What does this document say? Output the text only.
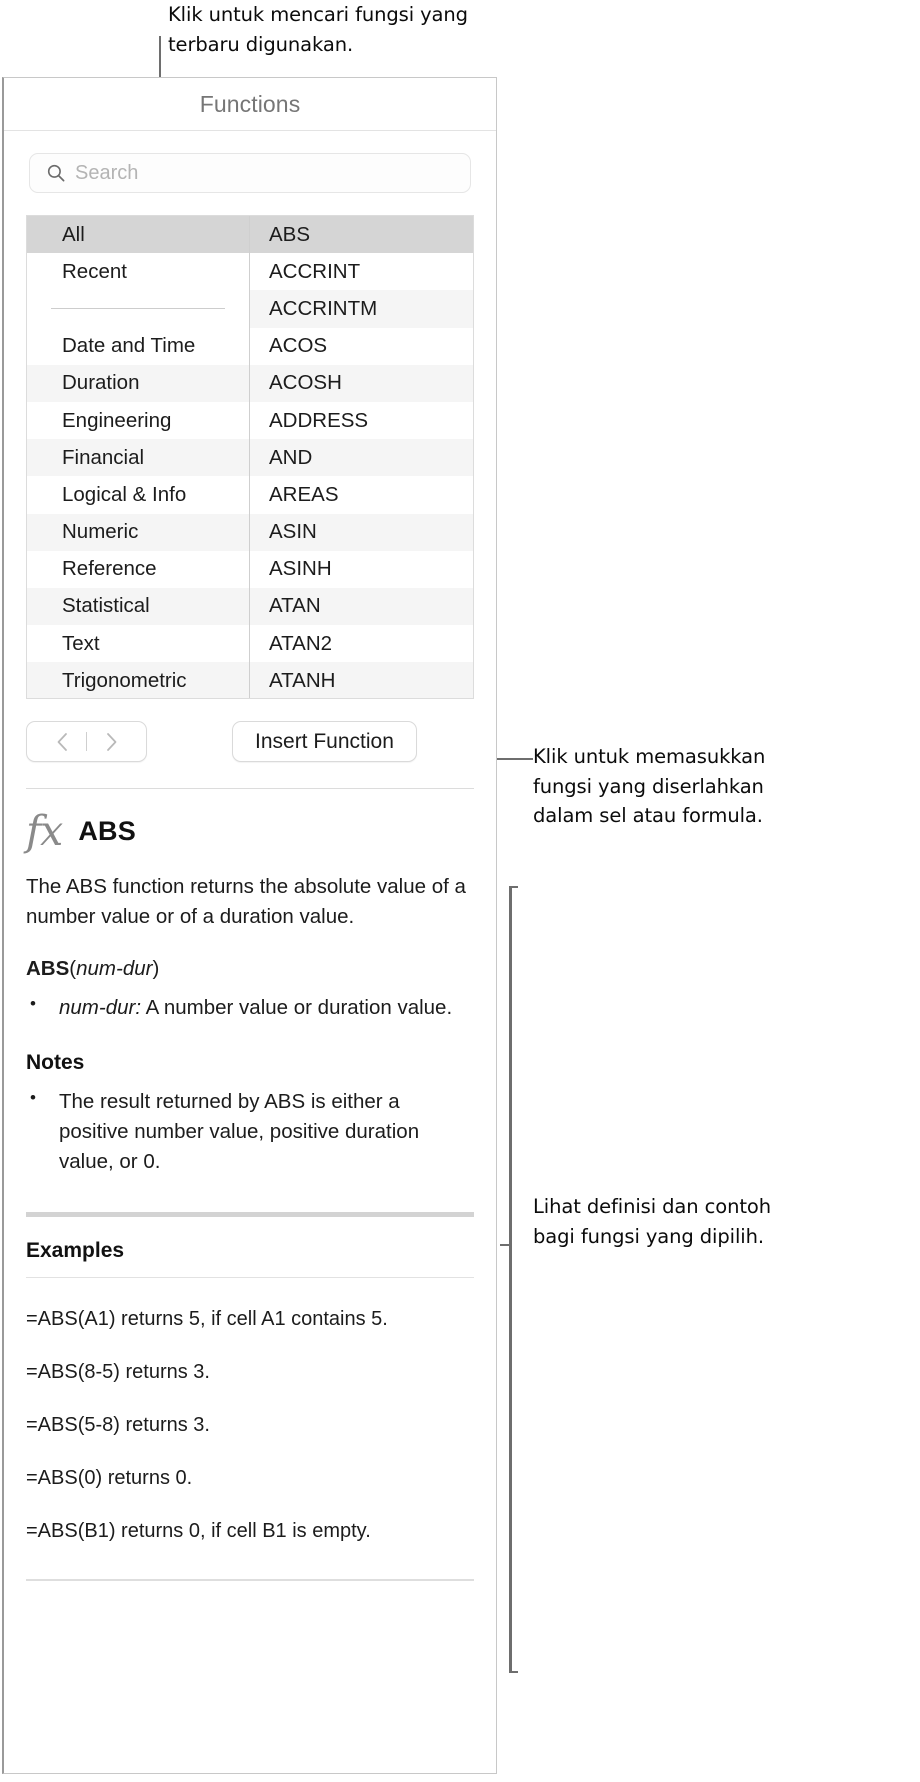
Klik untuk mencari fungsi yang terbaru digunakan.
Klik untuk memasukkan fungsi yang diserlahkan dalam sel atau formula.
Lihat definisi dan contoh bagi fungsi yang dipilih.
Functions
Search
All
Recent
Date and Time
Duration
Engineering
Financial
Logical & Info
Numeric
Reference
Statistical
Text
Trigonometric
ABS
ACCRINT
ACCRINTM
ACOS
ACOSH
ADDRESS
AND
AREAS
ASIN
ASINH
ATAN
ATAN2
ATANH
Insert Function
fx ABS
The ABS function returns the absolute value of a number value or of a duration value.
ABS(num-dur)
• num-dur: A number value or duration value.
Notes
• The result returned by ABS is either a positive number value, positive duration value, or 0.
Examples
=ABS(A1) returns 5, if cell A1 contains 5.
=ABS(8-5) returns 3.
=ABS(5-8) returns 3.
=ABS(0) returns 0.
=ABS(B1) returns 0, if cell B1 is empty.
